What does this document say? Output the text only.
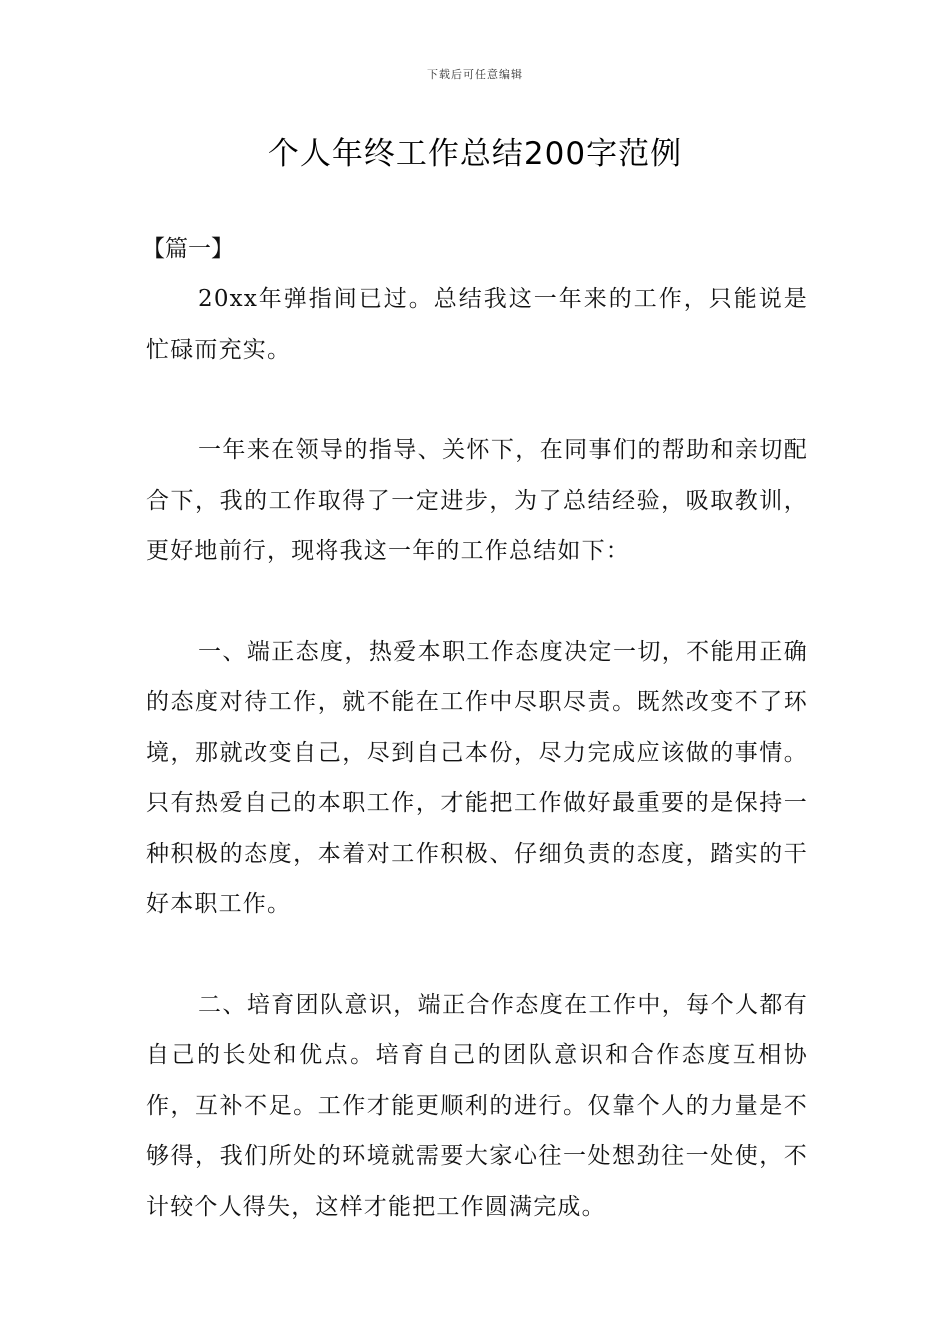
下载后可任意编辑
个人年终工作总结200字范例
【篇一】

20xx年弹指间已过。总结我这一年来的工作，只能说是忙碌而充实。

一年来在领导的指导、关怀下，在同事们的帮助和亲切配合下，我的工作取得了一定进步，为了总结经验，吸取教训，更好地前行，现将我这一年的工作总结如下：

一、端正态度，热爱本职工作态度决定一切，不能用正确的态度对待工作，就不能在工作中尽职尽责。既然改变不了环境，那就改变自己，尽到自己本份，尽力完成应该做的事情。只有热爱自己的本职工作，才能把工作做好最重要的是保持一种积极的态度，本着对工作积极、仔细负责的态度，踏实的干好本职工作。

二、培育团队意识，端正合作态度在工作中，每个人都有自己的长处和优点。培育自己的团队意识和合作态度互相协作，互补不足。工作才能更顺利的进行。仅靠个人的力量是不够得，我们所处的环境就需要大家心往一处想劲往一处使，不计较个人得失，这样才能把工作圆满完成。
